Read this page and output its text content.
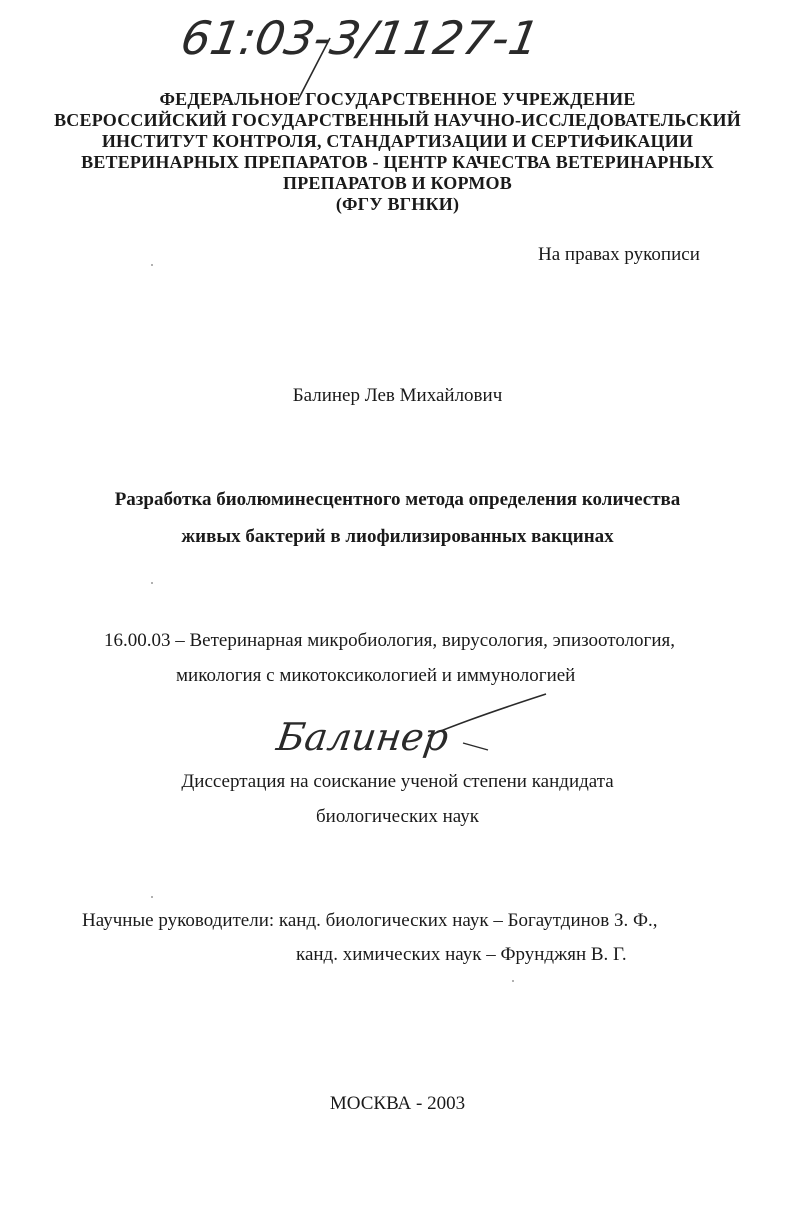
61:03-3/1127-1
ФЕДЕРАЛЬНОЕ ГОСУДАРСТВЕННОЕ УЧРЕЖДЕНИЕ
ВСЕРОССИЙСКИЙ ГОСУДАРСТВЕННЫЙ НАУЧНО-ИССЛЕДОВАТЕЛЬСКИЙ
ИНСТИТУТ КОНТРОЛЯ, СТАНДАРТИЗАЦИИ И СЕРТИФИКАЦИИ
ВЕТЕРИНАРНЫХ ПРЕПАРАТОВ - ЦЕНТР КАЧЕСТВА ВЕТЕРИНАРНЫХ
ПРЕПАРАТОВ И КОРМОВ
(ФГУ ВГНКИ)
На правах рукописи
Балинер Лев Михайлович
Разработка биолюминесцентного метода определения количества
живых бактерий в лиофилизированных вакцинах
16.00.03 – Ветеринарная микробиология, вирусология, эпизоотология,
микология с микотоксикологией и иммунологией
Балинер
Диссертация на соискание ученой степени кандидата
биологических наук
Научные руководители: канд. биологических наук – Богаутдинов З. Ф.,
канд. химических наук – Фрунджян В. Г.
МОСКВА - 2003
